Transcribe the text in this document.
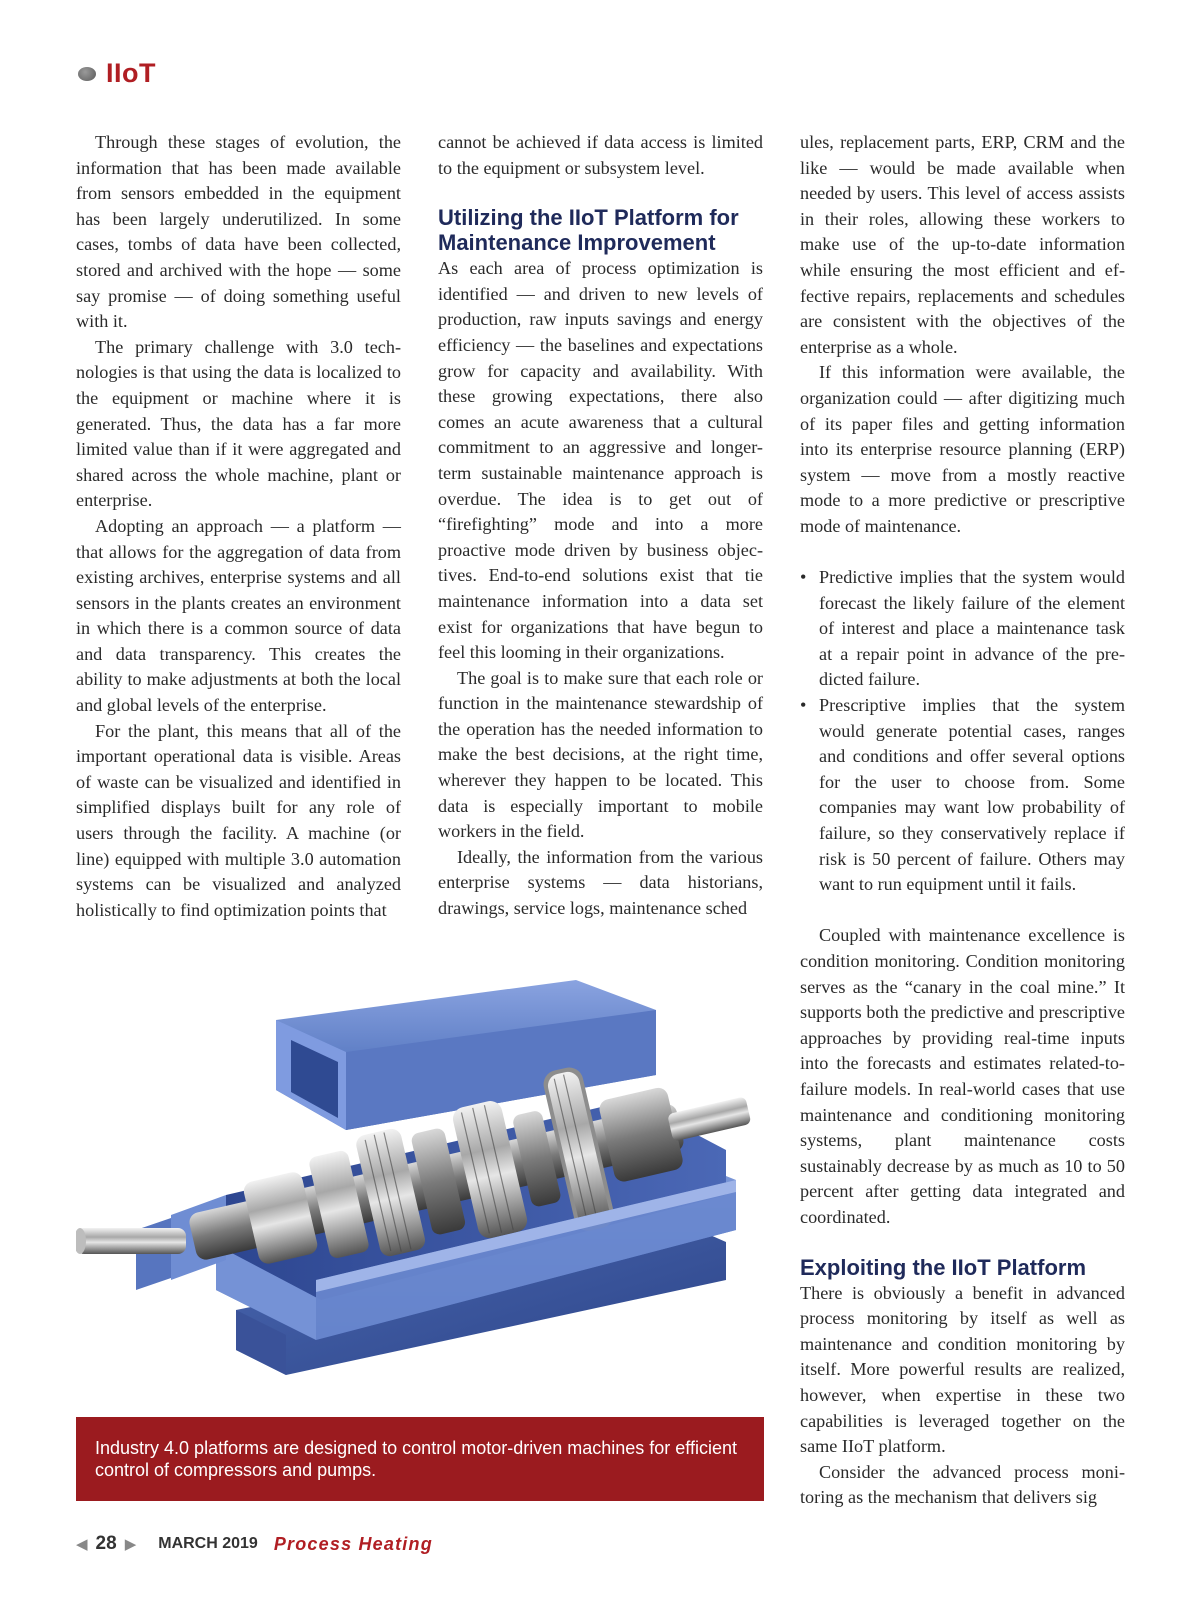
IIoT

Through these stages of evolution, the information that has been made available from sensors embedded in the equipment has been largely underutilized. In some cases, tombs of data have been collected, stored and archived with the hope — some say promise — of doing something useful with it.

The primary challenge with 3.0 technologies is that using the data is localized to the equipment or machine where it is generated. Thus, the data has a far more limited value than if it were aggregated and shared across the whole machine, plant or enterprise.

Adopting an approach — a platform — that allows for the aggregation of data from existing archives, enterprise systems and all sensors in the plants creates an environment in which there is a common source of data and data transparency. This creates the ability to make adjustments at both the local and global levels of the enterprise.

For the plant, this means that all of the important operational data is visible. Areas of waste can be visualized and identified in simplified displays built for any role of users through the facility. A machine (or line) equipped with multiple 3.0 automation systems can be visualized and analyzed holistically to find optimization points that

cannot be achieved if data access is limited to the equipment or subsystem level.

Utilizing the IIoT Platform for Maintenance Improvement

As each area of process optimization is identified — and driven to new levels of production, raw inputs savings and energy efficiency — the baselines and expectations grow for capacity and availability. With these growing expectations, there also comes an acute awareness that a cultural commitment to an aggressive and longer-term sustainable maintenance approach is overdue. The idea is to get out of “firefighting” mode and into a more proactive mode driven by business objectives. End-to-end solutions exist that tie maintenance information into a data set exist for organizations that have begun to feel this looming in their organizations.

The goal is to make sure that each role or function in the maintenance stewardship of the operation has the needed information to make the best decisions, at the right time, wherever they happen to be located. This data is especially important to mobile workers in the field.

Ideally, the information from the various enterprise systems — data historians, drawings, service logs, maintenance sched

ules, replacement parts, ERP, CRM and the like — would be made available when needed by users. This level of access assists in their roles, allowing these workers to make use of the up-to-date information while ensuring the most efficient and effective repairs, replacements and schedules are consistent with the objectives of the enterprise as a whole.

If this information were available, the organization could — after digitizing much of its paper files and getting information into its enterprise resource planning (ERP) system — move from a mostly reactive mode to a more predictive or prescriptive mode of maintenance.

• Predictive implies that the system would forecast the likely failure of the element of interest and place a maintenance task at a repair point in advance of the predicted failure.
• Prescriptive implies that the system would generate potential cases, ranges and conditions and offer several options for the user to choose from. Some companies may want low probability of failure, so they conservatively replace if risk is 50 percent of failure. Others may want to run equipment until it fails.

Coupled with maintenance excellence is condition monitoring. Condition monitoring serves as the “canary in the coal mine.” It supports both the predictive and prescriptive approaches by providing real-time inputs into the forecasts and estimates related-to-failure models. In real-world cases that use maintenance and conditioning monitoring systems, plant maintenance costs sustainably decrease by as much as 10 to 50 percent after getting data integrated and coordinated.

Exploiting the IIoT Platform

There is obviously a benefit in advanced process monitoring by itself as well as maintenance and condition monitoring by itself. More powerful results are realized, however, when expertise in these two capabilities is leveraged together on the same IIoT platform.

Consider the advanced process monitoring as the mechanism that delivers sig

Industry 4.0 platforms are designed to control motor-driven machines for efficient control of compressors and pumps.
◀ 28 ▶ MARCH 2019 Process Heating
